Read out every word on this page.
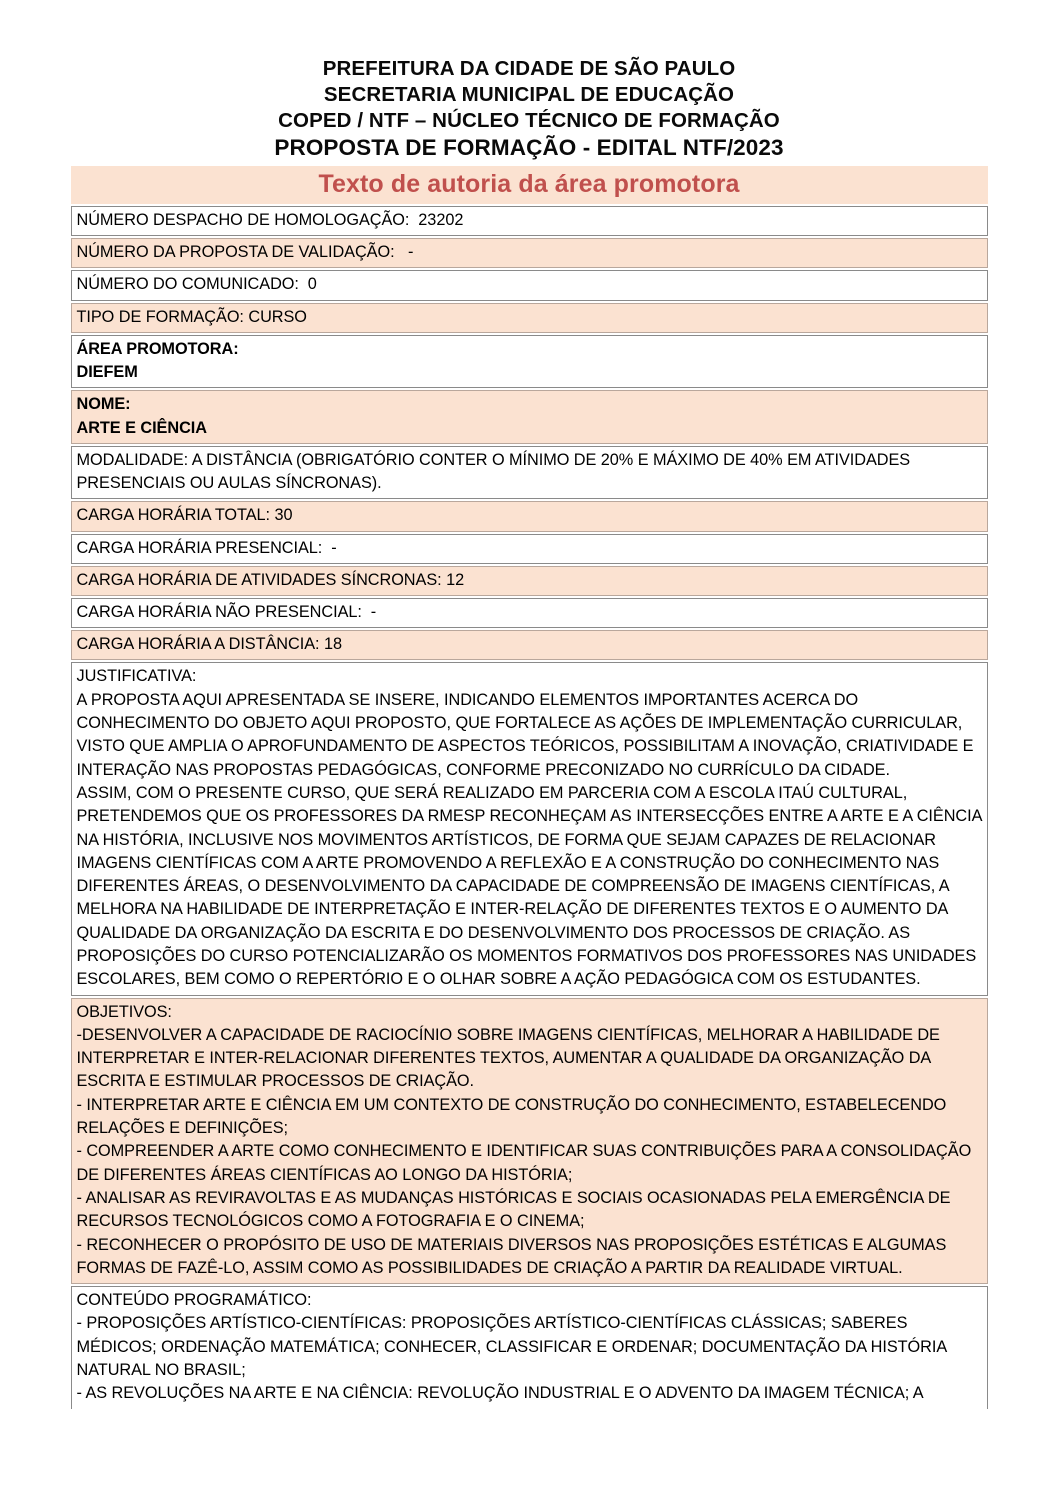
PREFEITURA DA CIDADE DE SÃO PAULO
SECRETARIA MUNICIPAL DE EDUCAÇÃO
COPED / NTF – NÚCLEO TÉCNICO DE FORMAÇÃO
PROPOSTA DE FORMAÇÃO - EDITAL NTF/2023
Texto de autoria da área promotora

NÚMERO DESPACHO DE HOMOLOGAÇÃO:  23202

NÚMERO DA PROPOSTA DE VALIDAÇÃO:   -

NÚMERO DO COMUNICADO:  0

TIPO DE FORMAÇÃO: CURSO

ÁREA PROMOTORA:

DIEFEM

NOME:

ARTE E CIÊNCIA

MODALIDADE: A DISTÂNCIA (OBRIGATÓRIO CONTER O MÍNIMO DE 20% E MÁXIMO DE 40% EM ATIVIDADES PRESENCIAIS OU AULAS SÍNCRONAS).

CARGA HORÁRIA TOTAL: 30

CARGA HORÁRIA PRESENCIAL:  -

CARGA HORÁRIA DE ATIVIDADES SÍNCRONAS: 12

CARGA HORÁRIA NÃO PRESENCIAL:  -

CARGA HORÁRIA A DISTÂNCIA: 18

JUSTIFICATIVA:

A PROPOSTA AQUI APRESENTADA SE INSERE, INDICANDO ELEMENTOS IMPORTANTES ACERCA DO CONHECIMENTO DO OBJETO AQUI PROPOSTO, QUE FORTALECE AS AÇÕES DE IMPLEMENTAÇÃO CURRICULAR, VISTO QUE AMPLIA O APROFUNDAMENTO DE ASPECTOS TEÓRICOS, POSSIBILITAM A INOVAÇÃO, CRIATIVIDADE E INTERAÇÃO NAS PROPOSTAS PEDAGÓGICAS, CONFORME PRECONIZADO NO CURRÍCULO DA CIDADE.

ASSIM, COM O PRESENTE CURSO, QUE SERÁ REALIZADO EM PARCERIA COM A ESCOLA ITAÚ CULTURAL, PRETENDEMOS QUE OS PROFESSORES DA RMESP RECONHEÇAM AS INTERSECÇÕES ENTRE A ARTE E A CIÊNCIA NA HISTÓRIA, INCLUSIVE NOS MOVIMENTOS ARTÍSTICOS, DE FORMA QUE SEJAM CAPAZES DE RELACIONAR IMAGENS CIENTÍFICAS COM A ARTE PROMOVENDO A REFLEXÃO E A CONSTRUÇÃO DO CONHECIMENTO NAS DIFERENTES ÁREAS, O DESENVOLVIMENTO DA CAPACIDADE DE COMPREENSÃO DE IMAGENS CIENTÍFICAS, A MELHORA NA HABILIDADE DE INTERPRETAÇÃO E INTER-RELAÇÃO DE DIFERENTES TEXTOS E O AUMENTO DA QUALIDADE DA ORGANIZAÇÃO DA ESCRITA E DO DESENVOLVIMENTO DOS PROCESSOS DE CRIAÇÃO. AS PROPOSIÇÕES DO CURSO POTENCIALIZARÃO OS MOMENTOS FORMATIVOS DOS PROFESSORES NAS UNIDADES ESCOLARES, BEM COMO O REPERTÓRIO E O OLHAR SOBRE A AÇÃO PEDAGÓGICA COM OS ESTUDANTES.

OBJETIVOS:

-DESENVOLVER A CAPACIDADE DE RACIOCÍNIO SOBRE IMAGENS CIENTÍFICAS, MELHORAR A HABILIDADE DE INTERPRETAR E INTER-RELACIONAR DIFERENTES TEXTOS, AUMENTAR A QUALIDADE DA ORGANIZAÇÃO DA ESCRITA E ESTIMULAR PROCESSOS DE CRIAÇÃO.

- INTERPRETAR ARTE E CIÊNCIA EM UM CONTEXTO DE CONSTRUÇÃO DO CONHECIMENTO, ESTABELECENDO RELAÇÕES E DEFINIÇÕES;

- COMPREENDER A ARTE COMO CONHECIMENTO E IDENTIFICAR SUAS CONTRIBUIÇÕES PARA A CONSOLIDAÇÃO DE DIFERENTES ÁREAS CIENTÍFICAS AO LONGO DA HISTÓRIA;

- ANALISAR AS REVIRAVOLTAS E AS MUDANÇAS HISTÓRICAS E SOCIAIS OCASIONADAS PELA EMERGÊNCIA DE RECURSOS TECNOLÓGICOS COMO A FOTOGRAFIA E O CINEMA;

- RECONHECER O PROPÓSITO DE USO DE MATERIAIS DIVERSOS NAS PROPOSIÇÕES ESTÉTICAS E ALGUMAS FORMAS DE FAZÊ-LO, ASSIM COMO AS POSSIBILIDADES DE CRIAÇÃO A PARTIR DA REALIDADE VIRTUAL.

CONTEÚDO PROGRAMÁTICO:

- PROPOSIÇÕES ARTÍSTICO-CIENTÍFICAS: PROPOSIÇÕES ARTÍSTICO-CIENTÍFICAS CLÁSSICAS; SABERES MÉDICOS; ORDENAÇÃO MATEMÁTICA; CONHECER, CLASSIFICAR E ORDENAR; DOCUMENTAÇÃO DA HISTÓRIA NATURAL NO BRASIL;

- AS REVOLUÇÕES NA ARTE E NA CIÊNCIA: REVOLUÇÃO INDUSTRIAL E O ADVENTO DA IMAGEM TÉCNICA; A
